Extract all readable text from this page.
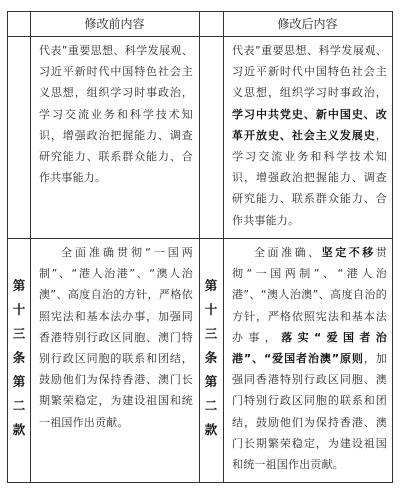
修改前内容	修改后内容
代表”重要思想、科学发展观、习近平新时代中国特色社会主义思想，组织学习时事政治，学习交流业务和科学技术知识，增强政治把握能力、调查研究能力、联系群众能力、合作共事能力。
代表”重要思想、科学发展观、习近平新时代中国特色社会主义思想，组织学习时事政治，学习中共党史、新中国史、改革开放史、社会主义发展史，学习交流业务和科学技术知识，增强政治把握能力、调查研究能力、联系群众能力、合作共事能力。
第
十
三
条
第
二
款
第
十
三
条
第
二
款
全面准确贯彻“一国两制”、“港人治港”、“澳人治澳”、高度自治的方针，严格依照宪法和基本法办事，加强同香港特别行政区同胞、澳门特别行政区同胞的联系和团结，鼓励他们为保持香港、澳门长期繁荣稳定，为建设祖国和统一祖国作出贡献。
全面准确、坚定不移贯彻“一国两制”、“港人治港”、“澳人治澳”、高度自治的方针，严格依照宪法和基本法办事，落实“爱国者治港”、“爱国者治澳”原则，加强同香港特别行政区同胞、澳门特别行政区同胞的联系和团结，鼓励他们为保持香港、澳门长期繁荣稳定，为建设祖国和统一祖国作出贡献。
